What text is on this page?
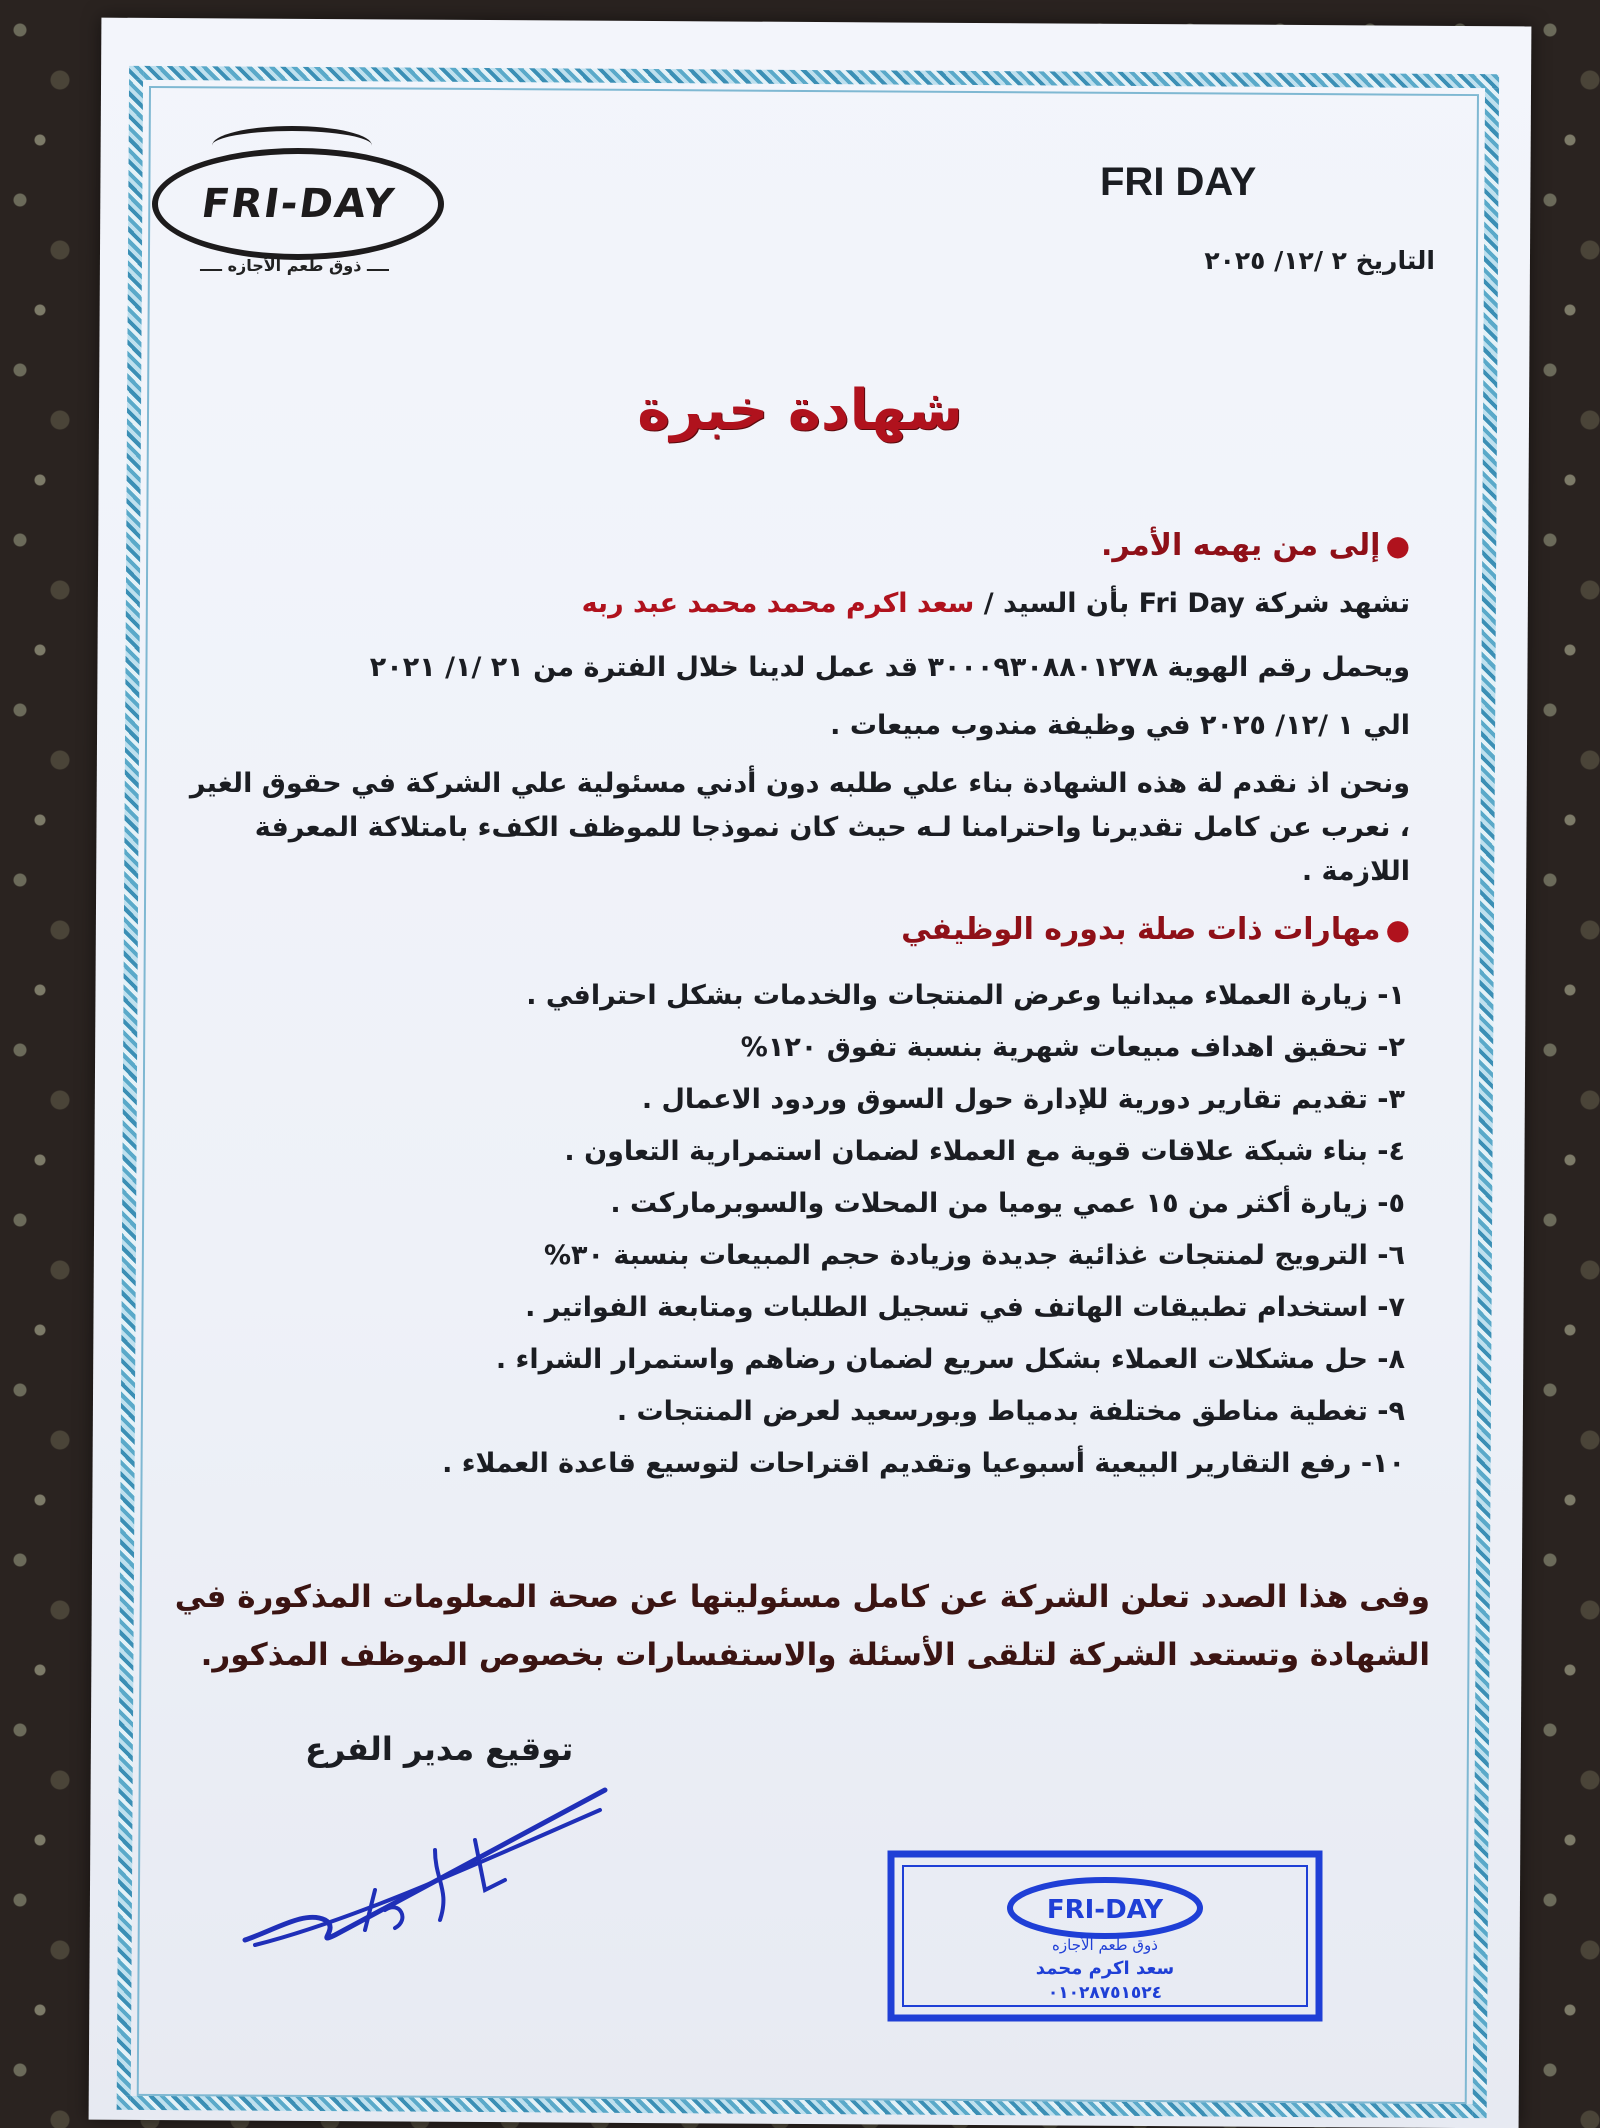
FRI-DAY
ــــ ذوق طعم الأجازه ــــ
FRI DAY
التاريخ ٢ /١٢/ ٢٠٢٥
شهادة خبرة
● إلى من يهمه الأمر.
تشهد شركة Fri Day بأن السيد / سعد اكرم محمد محمد عبد ربه
ويحمل رقم الهوية ٣٠٠٠٩٣٠٨٨٠١٢٧٨ قد عمل لدينا خلال الفترة من ٢١ /١/ ٢٠٢١
الي ١ /١٢/ ٢٠٢٥ في وظيفة مندوب مبيعات .
ونحن اذ نقدم لة هذه الشهادة بناء علي طلبه دون أدني مسئولية علي الشركة في حقوق الغير
، نعرب عن كامل تقديرنا واحترامنا لـه حيث كان نموذجا للموظف الكفء بامتلاكة المعرفة
اللازمة .
● مهارات ذات صلة بدوره الوظيفي
١- زيارة العملاء ميدانيا وعرض المنتجات والخدمات بشكل احترافي .
٢- تحقيق اهداف مبيعات شهرية بنسبة تفوق ١٢٠%
٣- تقديم تقارير دورية للإدارة حول السوق وردود الاعمال .
٤- بناء شبكة علاقات قوية مع العملاء لضمان استمرارية التعاون .
٥- زيارة أكثر من ١٥ عمي يوميا من المحلات والسوبرماركت .
٦- الترويج لمنتجات غذائية جديدة وزيادة حجم المبيعات بنسبة ٣٠%
٧- استخدام تطبيقات الهاتف في تسجيل الطلبات ومتابعة الفواتير .
٨- حل مشكلات العملاء بشكل سريع لضمان رضاهم واستمرار الشراء .
٩- تغطية مناطق مختلفة بدمياط وبورسعيد لعرض المنتجات .
١٠- رفع التقارير البيعية أسبوعيا وتقديم اقتراحات لتوسيع قاعدة العملاء .
وفى هذا الصدد تعلن الشركة عن كامل مسئوليتها عن صحة المعلومات المذكورة في
الشهادة وتستعد الشركة لتلقى الأسئلة والاستفسارات بخصوص الموظف المذكور.
توقيع مدير الفرع
FRI-DAY
ذوق طعم الأجازه
سعد اكرم محمد
٠١٠٢٨٧٥١٥٢٤
